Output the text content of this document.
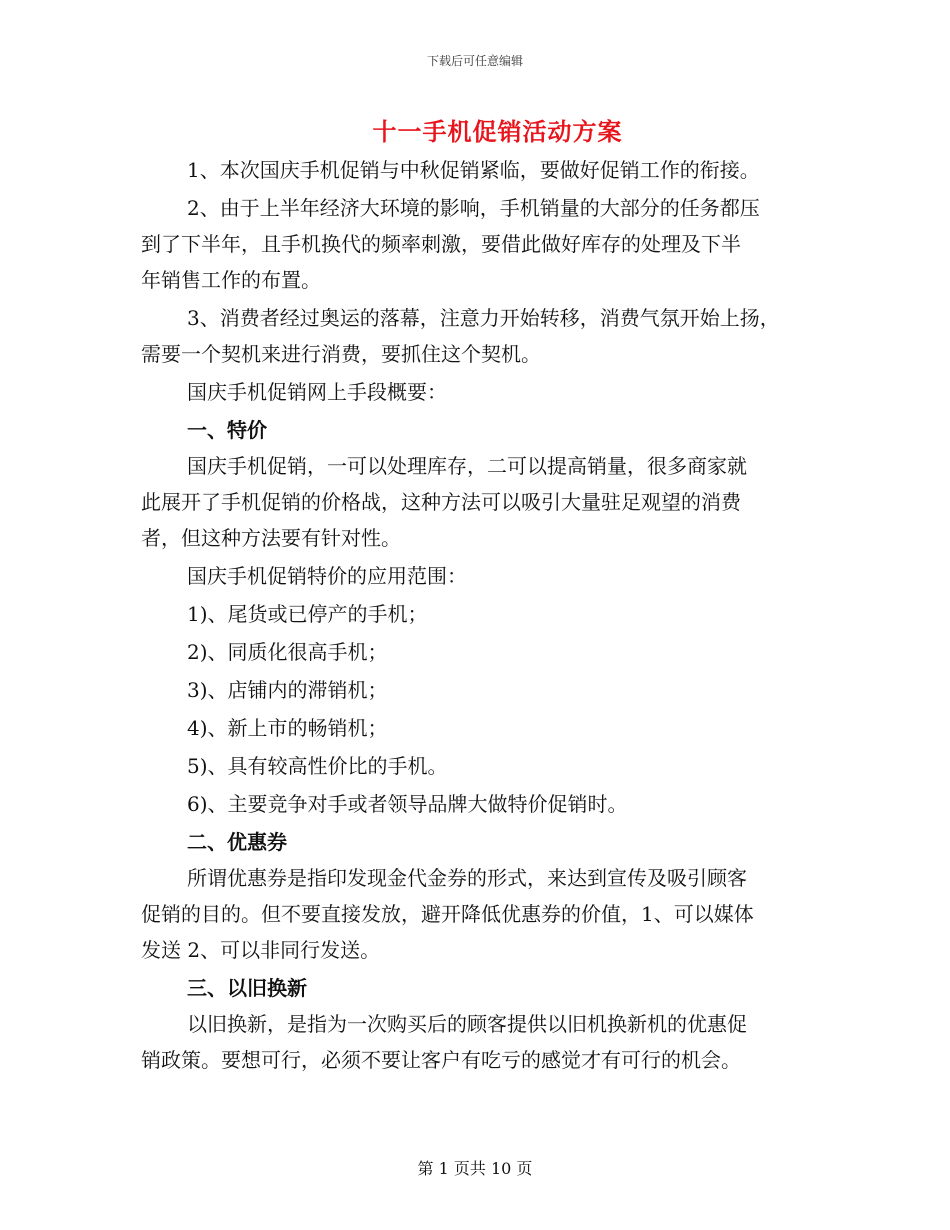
下载后可任意编辑
十一手机促销活动方案
1、本次国庆手机促销与中秋促销紧临，要做好促销工作的衔接。
2、由于上半年经济大环境的影响，手机销量的大部分的任务都压
到了下半年，且手机换代的频率刺激，要借此做好库存的处理及下半
年销售工作的布置。
3、消费者经过奥运的落幕，注意力开始转移，消费气氛开始上扬，
需要一个契机来进行消费，要抓住这个契机。
国庆手机促销网上手段概要：
一、特价
国庆手机促销，一可以处理库存，二可以提高销量，很多商家就
此展开了手机促销的价格战，这种方法可以吸引大量驻足观望的消费
者，但这种方法要有针对性。
国庆手机促销特价的应用范围：
1)、尾货或已停产的手机；
2)、同质化很高手机；
3)、店铺内的滞销机；
4)、新上市的畅销机；
5)、具有较高性价比的手机。
6)、主要竞争对手或者领导品牌大做特价促销时。
二、优惠券
所谓优惠券是指印发现金代金券的形式，来达到宣传及吸引顾客
促销的目的。但不要直接发放，避开降低优惠券的价值，1、可以媒体
发送 2、可以非同行发送。
三、以旧换新
以旧换新，是指为一次购买后的顾客提供以旧机换新机的优惠促
销政策。要想可行，必须不要让客户有吃亏的感觉才有可行的机会。
第 1 页共 10 页
